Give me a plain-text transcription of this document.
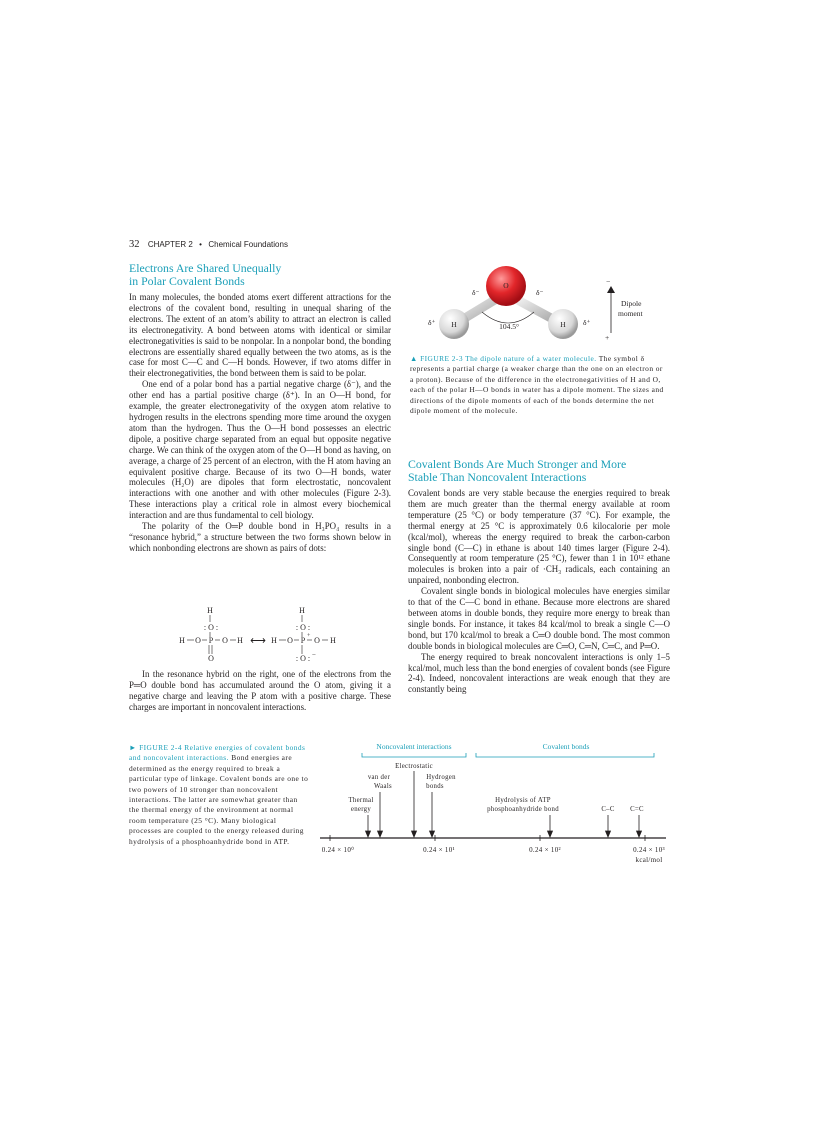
32 CHAPTER 2 • Chemical Foundations
Electrons Are Shared Unequally
in Polar Covalent Bonds

In many molecules, the bonded atoms exert different attractions for the electrons of the covalent bond, resulting in unequal sharing of the electrons. The extent of an atom’s ability to attract an electron is called its electronegativity. A bond between atoms with identical or similar electronegativities is said to be nonpolar. In a nonpolar bond, the bonding electrons are essentially shared equally between the two atoms, as is the case for most C—C and C—H bonds. However, if two atoms differ in their electronegativities, the bond between them is said to be polar.

One end of a polar bond has a partial negative charge (δ⁻), and the other end has a partial positive charge (δ⁺). In an O—H bond, for example, the greater electronegativity of the oxygen atom relative to hydrogen results in the electrons spending more time around the oxygen atom than the hydrogen. Thus the O—H bond possesses an electric dipole, a positive charge separated from an equal but opposite negative charge. We can think of the oxygen atom of the O—H bond as having, on average, a charge of 25 percent of an electron, with the H atom having an equivalent positive charge. Because of its two O—H bonds, water molecules (H₂O) are dipoles that form electrostatic, noncovalent interactions with one another and with other molecules (Figure 2-3). These interactions play a critical role in almost every biochemical interaction and are thus fundamental to cell biology.

The polarity of the O═P double bond in H₃PO₄ results in a “resonance hybrid,” a structure between the two forms shown below in which nonbonding electrons are shown as pairs of dots:

H
: O :
H O P O H
O
⟷
H
: O :
+
H O P O H
: O : −

In the resonance hybrid on the right, one of the electrons from the P═O double bond has accumulated around the O atom, giving it a negative charge and leaving the P atom with a positive charge. These charges are important in noncovalent interactions.

O
H	H
δ⁻	δ⁻
δ⁺	δ⁺
104.5°
Dipole
moment
−
+
▲ FIGURE 2-3 The dipole nature of a water molecule. The symbol δ represents a partial charge (a weaker charge than the one on an electron or a proton). Because of the difference in the electronegativities of H and O, each of the polar H—O bonds in water has a dipole moment. The sizes and directions of the dipole moments of each of the bonds determine the net dipole moment of the molecule.
Covalent Bonds Are Much Stronger and More
Stable Than Noncovalent Interactions

Covalent bonds are very stable because the energies required to break them are much greater than the thermal energy available at room temperature (25 °C) or body temperature (37 °C). For example, the thermal energy at 25 °C is approximately 0.6 kilocalorie per mole (kcal/mol), whereas the energy required to break the carbon-carbon single bond (C—C) in ethane is about 140 times larger (Figure 2-4). Consequently at room temperature (25 °C), fewer than 1 in 10¹² ethane molecules is broken into a pair of ·CH₃ radicals, each containing an unpaired, nonbonding electron.

Covalent single bonds in biological molecules have energies similar to that of the C—C bond in ethane. Because more electrons are shared between atoms in double bonds, they require more energy to break than single bonds. For instance, it takes 84 kcal/mol to break a single C—O bond, but 170 kcal/mol to break a C═O double bond. The most common double bonds in biological molecules are C═O, C═N, C═C, and P═O.

The energy required to break noncovalent interactions is only 1–5 kcal/mol, much less than the bond energies of covalent bonds (see Figure 2-4). Indeed, noncovalent interactions are weak enough that they are constantly being

► FIGURE 2-4 Relative energies of covalent bonds and noncovalent interactions. Bond energies are determined as the energy required to break a particular type of linkage. Covalent bonds are one to two powers of 10 stronger than noncovalent interactions. The latter are somewhat greater than the thermal energy of the environment at normal room temperature (25 °C). Many biological processes are coupled to the energy released during hydrolysis of a phosphoanhydride bond in ATP.
Noncovalent interactions	Covalent bonds
Electrostatic
van der
Waals
Hydrogen
bonds
Thermal
energy
Hydrolysis of ATP
phosphoanhydride bond	C–C C=C
0.24 × 10⁰	0.24 × 10¹	0.24 × 10²	0.24 × 10³
kcal/mol
